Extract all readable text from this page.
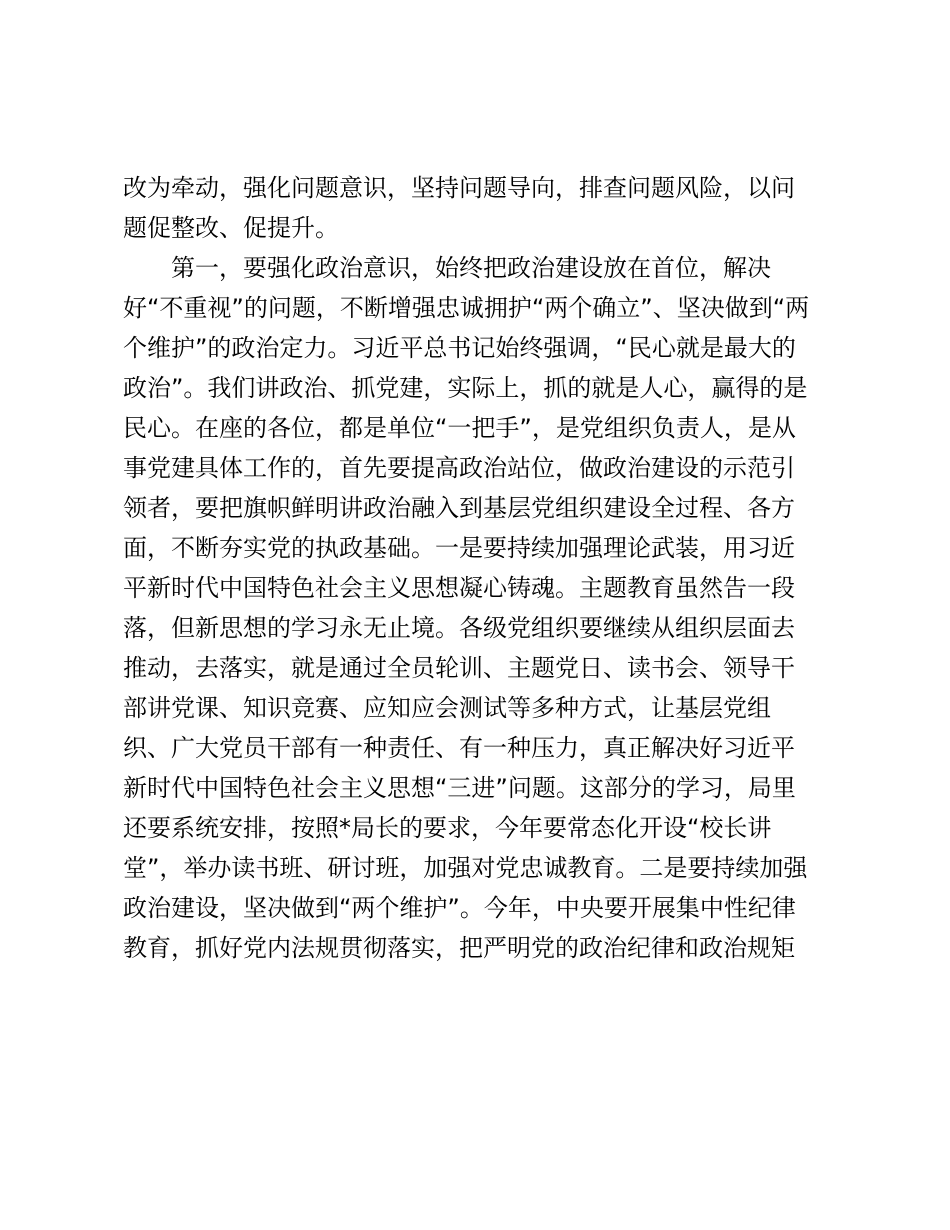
改为牵动，强化问题意识，坚持问题导向，排查问题风险，以问
题促整改、促提升。
　　第一，要强化政治意识，始终把政治建设放在首位，解决
好“不重视”的问题，不断增强忠诚拥护“两个确立”、坚决做到“两
个维护”的政治定力。习近平总书记始终强调，“民心就是最大的
政治”。我们讲政治、抓党建，实际上，抓的就是人心，赢得的是
民心。在座的各位，都是单位“一把手”，是党组织负责人，是从
事党建具体工作的，首先要提高政治站位，做政治建设的示范引
领者，要把旗帜鲜明讲政治融入到基层党组织建设全过程、各方
面，不断夯实党的执政基础。一是要持续加强理论武装，用习近
平新时代中国特色社会主义思想凝心铸魂。主题教育虽然告一段
落，但新思想的学习永无止境。各级党组织要继续从组织层面去
推动，去落实，就是通过全员轮训、主题党日、读书会、领导干
部讲党课、知识竞赛、应知应会测试等多种方式，让基层党组
织、广大党员干部有一种责任、有一种压力，真正解决好习近平
新时代中国特色社会主义思想“三进”问题。这部分的学习，局里
还要系统安排，按照*局长的要求，今年要常态化开设“校长讲
堂”，举办读书班、研讨班，加强对党忠诚教育。二是要持续加强
政治建设，坚决做到“两个维护”。今年，中央要开展集中性纪律
教育，抓好党内法规贯彻落实，把严明党的政治纪律和政治规矩
